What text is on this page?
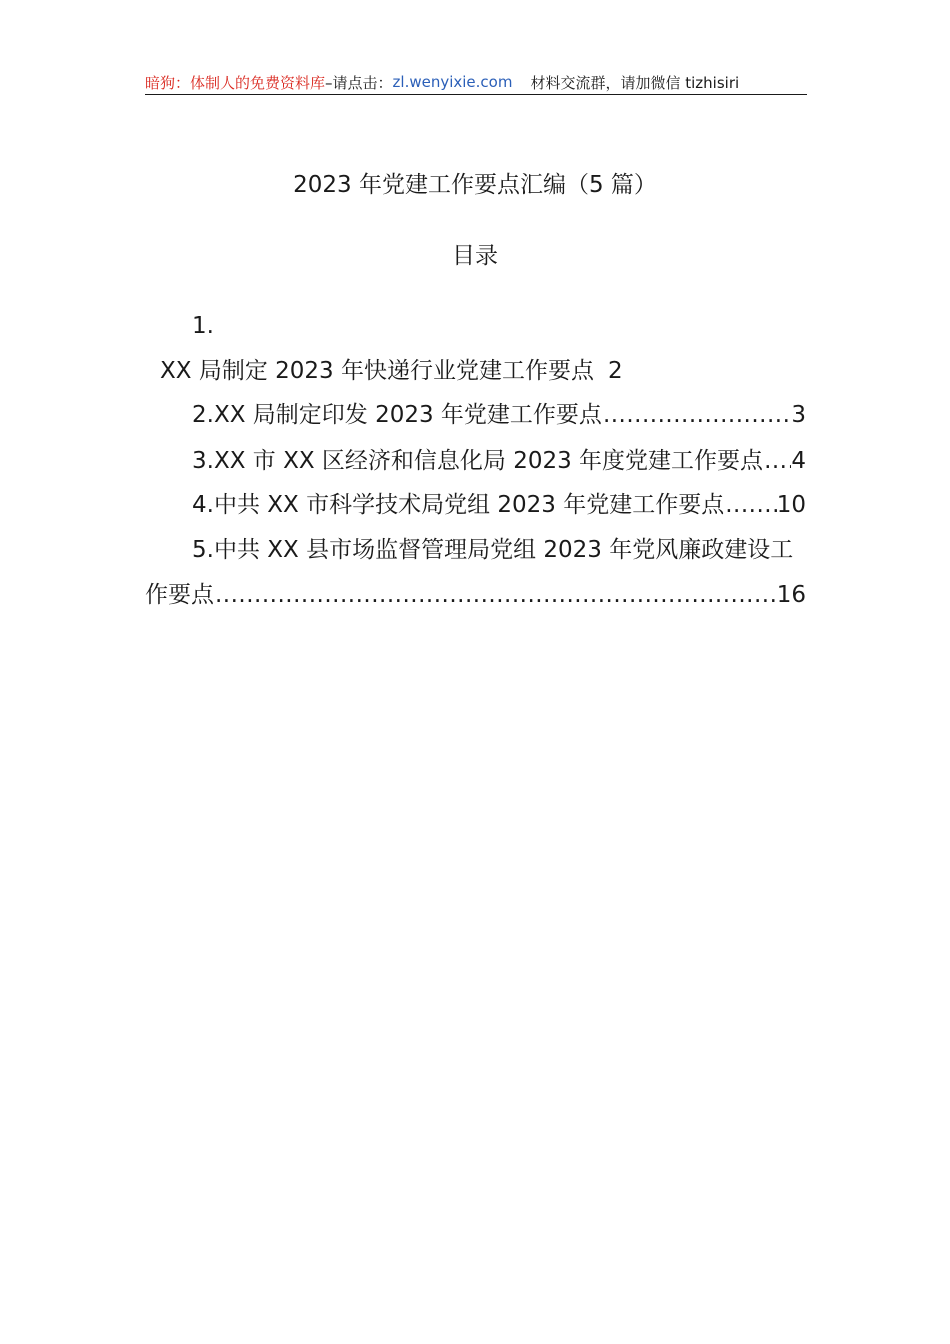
暗狗：体制人的免费资料库 –请点击： zl.wenyixie.com 材料交流群，请加微信 tizhisiri
2023 年党建工作要点汇编（5 篇）
目录
1.
XX 局制定 2023 年快递行业党建工作要点 2
2.XX 局制定印发 2023 年党建工作要点 .....	3
3.XX 市 XX 区经济和信息化局 2023 年度党建工作要点 ..... 4
4.中共 XX 市科学技术局党组 2023 年党建工作要点 ..... 10
5.中共 XX 县市场监督管理局党组 2023 年党风廉政建设工
作要点 .....	16
